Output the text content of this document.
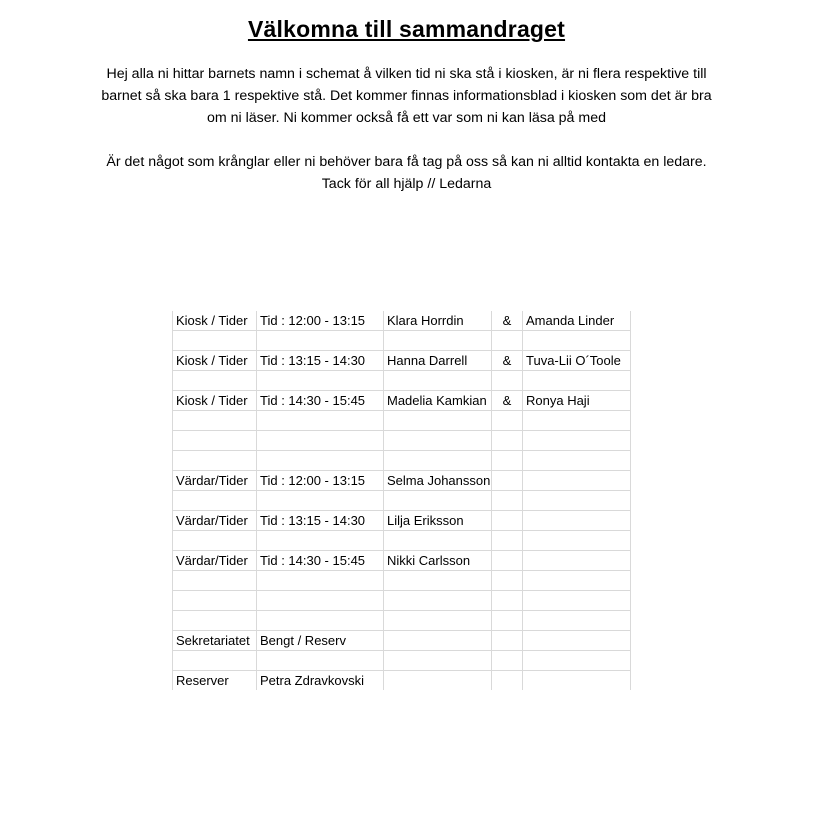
Välkomna till sammandraget
Hej alla ni hittar barnets namn i schemat å vilken tid ni ska stå i kiosken, är ni flera respektive till barnet så ska bara 1 respektive stå. Det kommer finnas informationsblad i kiosken som det är bra om ni läser. Ni kommer också få ett var som ni kan läsa på med
Är det något som krånglar eller ni behöver bara få tag på oss så kan ni alltid kontakta en ledare. Tack för all hjälp // Ledarna
Kiosk / Tider	Tid : 12:00 - 13:15	Klara Horrdin	&	Amanda Linder

Kiosk / Tider	Tid : 13:15 - 14:30	Hanna Darrell	&	Tuva-Lii O´Toole

Kiosk / Tider	Tid : 14:30 - 15:45	Madelia Kamkian	&	Ronya Haji

Värdar/Tider	Tid : 12:00 - 13:15	Selma Johansson		

Värdar/Tider	Tid : 13:15 - 14:30	Lilja Eriksson		

Värdar/Tider	Tid : 14:30 - 15:45	Nikki Carlsson		

Sekretariatet	Bengt / Reserv			

Reserver	Petra Zdravkovski			
